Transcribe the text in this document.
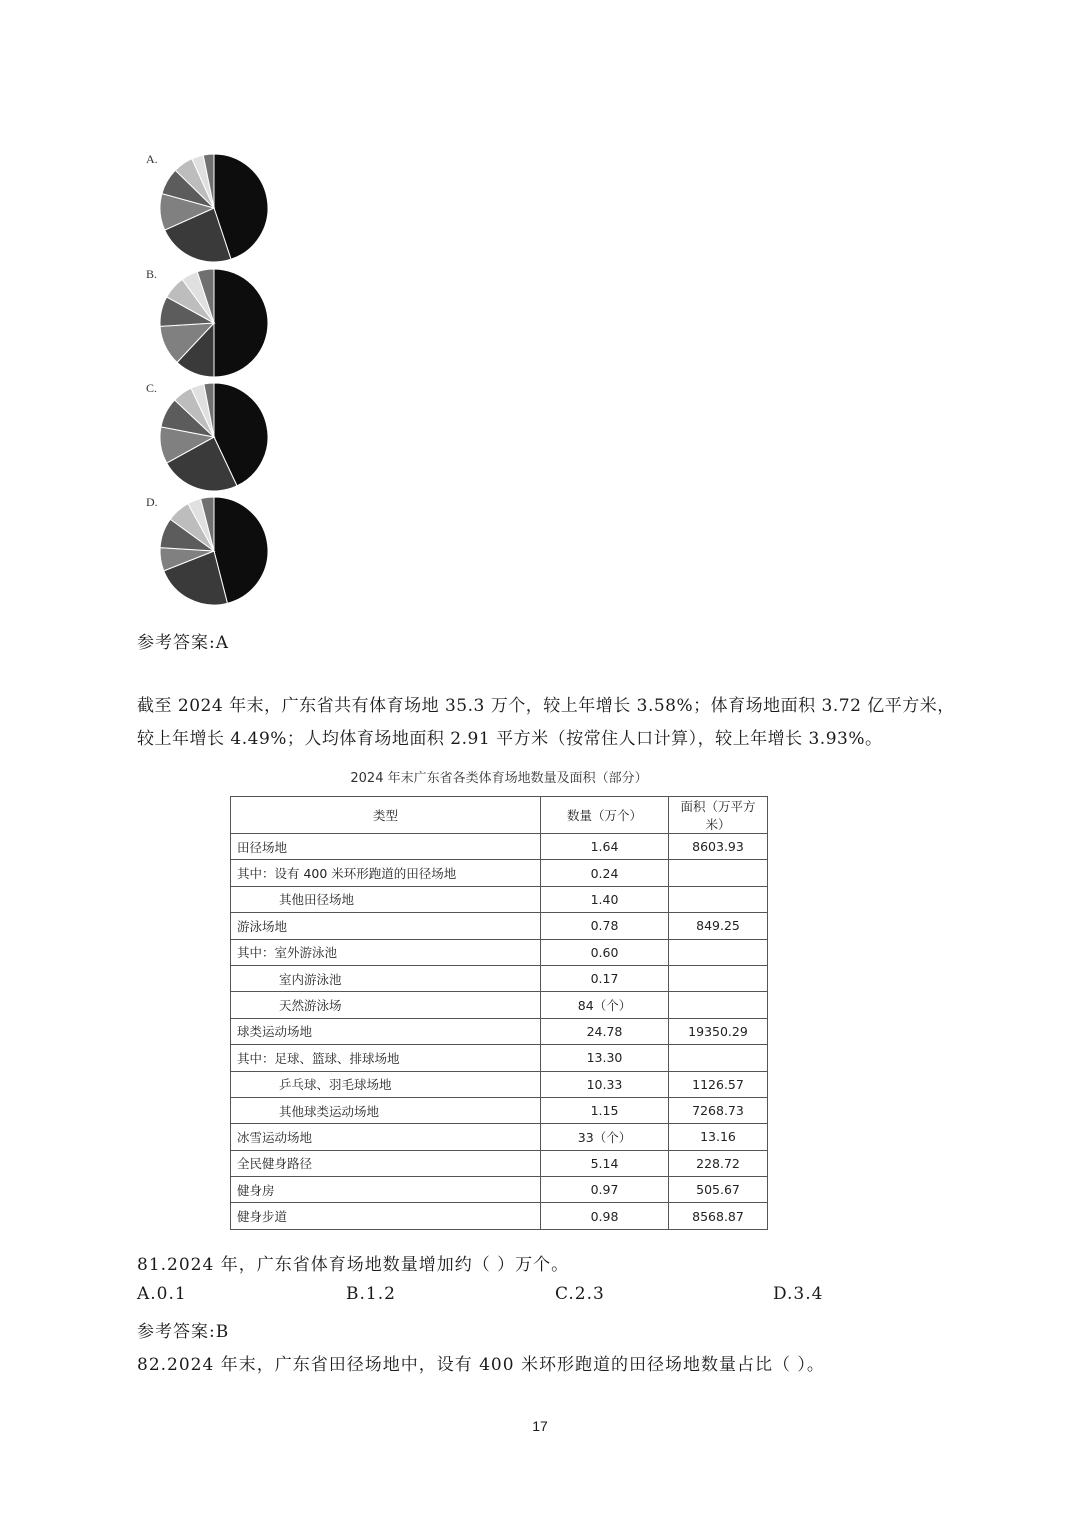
A.
B.
C.
D.
参考答案:A

截至 2024 年末，广东省共有体育场地 35.3 万个，较上年增长 3.58%；体育场地面积 3.72 亿平方米，

较上年增长 4.49%；人均体育场地面积 2.91 平方米（按常住人口计算），较上年增长 3.93%。

2024 年末广东省各类体育场地数量及面积（部分）
类型	数量（万个）	面积（万平方米）
田径场地	1.64	8603.93
其中：设有 400 米环形跑道的田径场地	0.24	
其他田径场地	1.40	
游泳场地	0.78	849.25
其中：室外游泳池	0.60	
室内游泳池	0.17	
天然游泳场	84（个）	
球类运动场地	24.78	19350.29
其中：足球、篮球、排球场地	13.30	
乒乓球、羽毛球场地	10.33	1126.57
其他球类运动场地	1.15	7268.73
冰雪运动场地	33（个）	13.16
全民健身路径	5.14	228.72
健身房	0.97	505.67
健身步道	0.98	8568.87
81.2024 年，广东省体育场地数量增加约（ ）万个。
A.0.1	B.1.2	C.2.3	D.3.4
参考答案:B
82.2024 年末，广东省田径场地中，设有 400 米环形跑道的田径场地数量占比（ ）。
17
